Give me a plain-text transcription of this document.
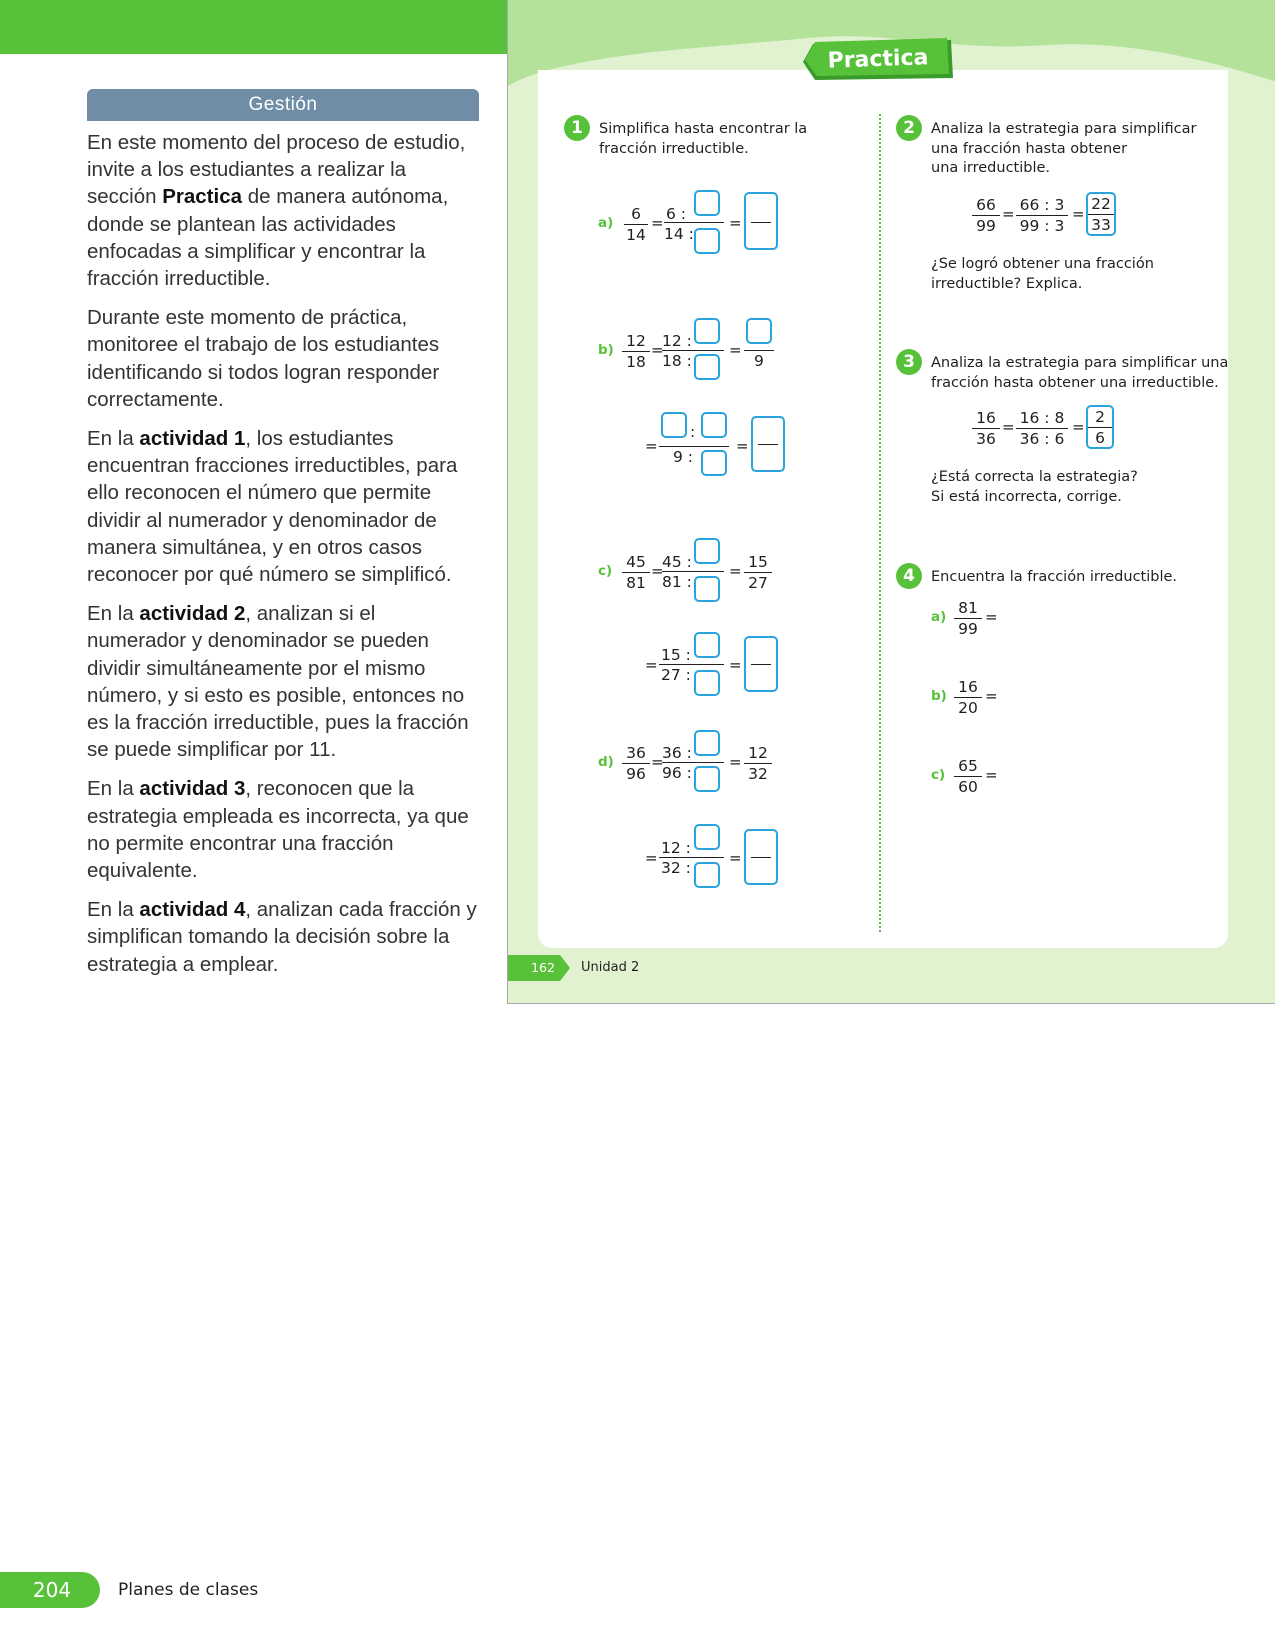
Gestión

En este momento del proceso de estudio, invite a los estudiantes a realizar la sección Practica de manera autónoma, donde se plantean las actividades enfocadas a simplificar y encontrar la fracción irreductible.

Durante este momento de práctica, monitoree el trabajo de los estudiantes identificando si todos logran responder correctamente.

En la actividad 1, los estudiantes encuentran fracciones irreductibles, para ello reconocen el número que permite dividir al numerador y denominador de manera simultánea, y en otros casos reconocer por qué número se simplificó.

En la actividad 2, analizan si el numerador y denominador se pueden dividir simultáneamente por el mismo número, y si esto es posible, entonces no es la fracción irreductible, pues la fracción se puede simplificar por 11.

En la actividad 3, reconocen que la estrategia empleada es incorrecta, ya que no permite encontrar una fracción equivalente.

En la actividad 4, analizan cada fracción y simplifican tomando la decisión sobre la estrategia a emplear.

Practica
1	Simplifica hasta encontrar la
fracción irreductible.
a)	6
14
= 6 :
14 :
=
b) 12
18
=
12 :
18 :
=
9
=
:
9 :
=
c) 45
81
=
45 :
81 :
= 15
27
=
15 :
27 :
=
d) 36
96
=
36 :
96 :
= 12
32
=
12 :
32 :
=
2	Analiza la estrategia para simplificar
una fracción hasta obtener
una irreductible.
66
99
= 66 : 3
99 : 3
=
22
33
¿Se logró obtener una fracción
irreductible? Explica.
3	Analiza la estrategia para simplificar una
fracción hasta obtener una irreductible.
16
36
= 16 : 8
36 : 6
=
2
6
¿Está correcta la estrategia?
Si está incorrecta, corrige.
4	Encuentra la fracción irreductible.
a) 81
99
=
b) 16
20
=
c) 65
60
=
162	Unidad 2
204	Planes de clases
